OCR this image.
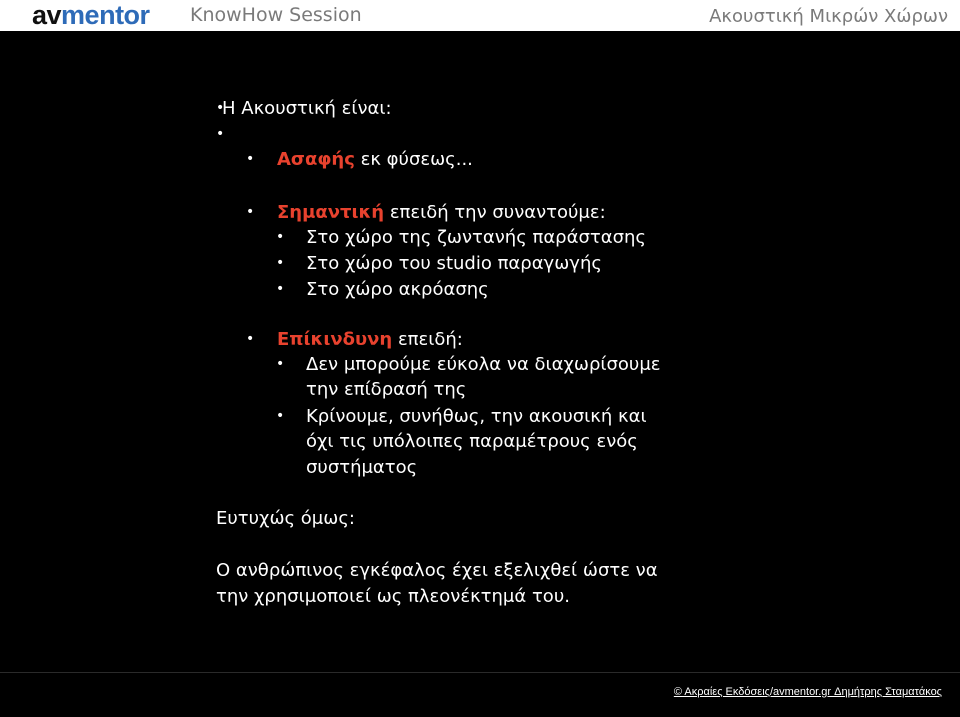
avmentor KnowHow Session	Ακουστική Μικρών Χώρων
•
Η Ακουστική είναι:
•
• Ασαφής εκ φύσεως...
• Σημαντική επειδή την συναντούμε:
• Στο χώρο της ζωντανής παράστασης
• Στο χώρο του studio παραγωγής
• Στο χώρο ακρόασης
• Επίκινδυνη επειδή:
• Δεν μπορούμε εύκολα να διαχωρίσουμε
την επίδρασή της
• Κρίνουμε, συνήθως, την ακουσική και
όχι τις υπόλοιπες παραμέτρους ενός
συστήματος
Ευτυχώς όμως:
Ο ανθρώπινος εγκέφαλος έχει εξελιχθεί ώστε να
την χρησιμοποιεί ως πλεονέκτημά του.
© Ακραίες Εκδόσεις/avmentor.gr Δημήτρης Σταματάκος
